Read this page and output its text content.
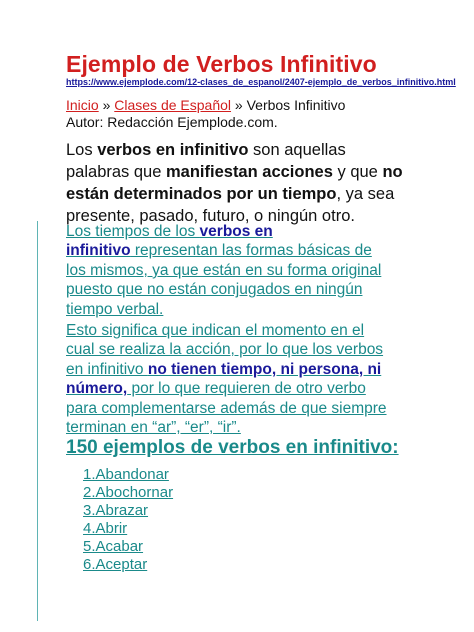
Ejemplo de Verbos Infinitivo
https://www.ejemplode.com/12-clases_de_espanol/2407-ejemplo_de_verbos_infinitivo.html
Inicio » Clases de Español » Verbos Infinitivo
Autor: Redacción Ejemplode.com.

Los verbos en infinitivo son aquellas

palabras que manifiestan acciones y que no

están determinados por un tiempo, ya sea

presente, pasado, futuro, o ningún otro.

Los tiempos de los verbos en

infinitivo representan las formas básicas de

los mismos, ya que están en su forma original

puesto que no están conjugados en ningún

tiempo verbal.

Esto significa que indican el momento en el

cual se realiza la acción, por lo que los verbos

en infinitivo no tienen tiempo, ni persona, ni

número, por lo que requieren de otro verbo

para complementarse además de que siempre

terminan en “ar”, “er”, “ir”.

150 ejemplos de verbos en infinitivo:
1.Abandonar
2.Abochornar
3.Abrazar
4.Abrir
5.Acabar
6.Aceptar
